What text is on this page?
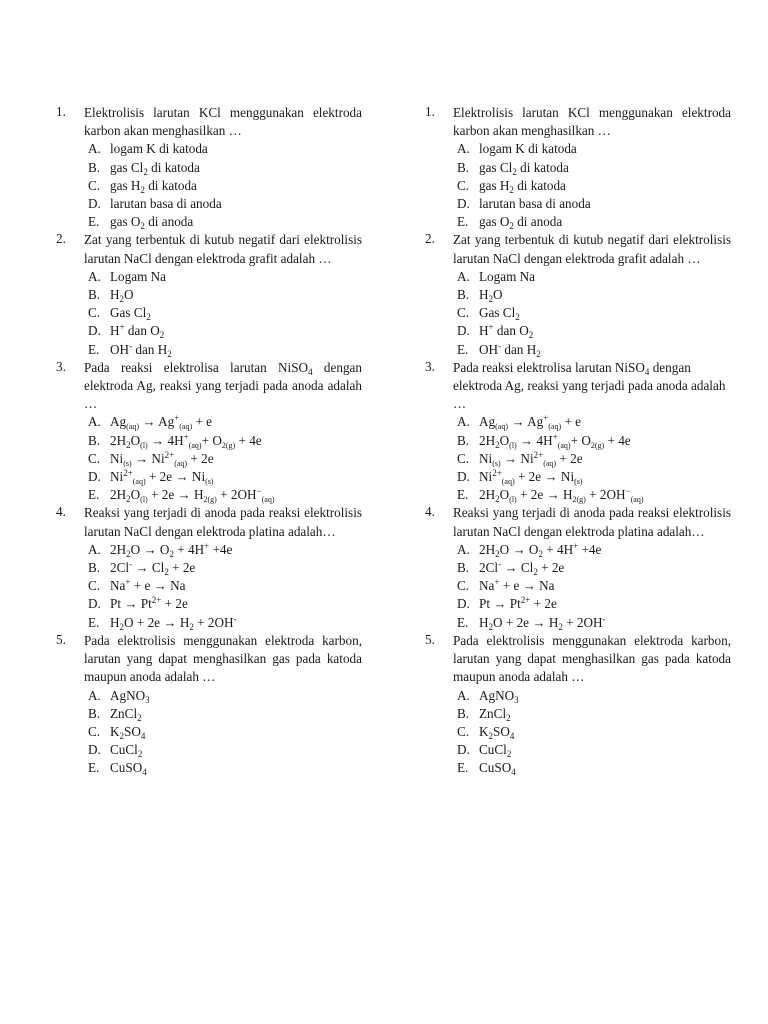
1.	Elektrolisis larutan KCl menggunakan elektroda karbon akan menghasilkan …
A. logam K di katoda
B. gas $Cl_2$ di katoda
C. gas $H_2$ di katoda
D. larutan basa di anoda
E. gas $O_2$ di anoda
2.	Zat yang terbentuk di kutub negatif dari elektrolisis larutan NaCl dengan elektroda grafit adalah …
A. Logam Na
B. $H_2O$
C. Gas $Cl_2$
D. H+ dan $O_2$
E. OH- dan $H_2$
3.	Pada reaksi elektrolisa larutan NiSO$_4$ dengan elektroda Ag, reaksi yang terjadi pada anoda adalah …
A. $Ag_{(aq)} \to Ag^+_{(aq)} + e$
B. $2H_2O_{(l)} \to 4H^+_{(aq)}+ O_{2(g)} + 4e$
C. $Ni_{(s)} \to Ni^{2+}_{(aq)} + 2e$
D. $Ni^{2+}_{(aq)} + 2e \to Ni_{(s)}$
E. $2H_2O_{(l)} + 2e \to H_{2(g)} + 2OH^-_{(aq)}$
4.	Reaksi yang terjadi di anoda pada reaksi elektrolisis larutan NaCl dengan elektroda platina adalah…
A. $2H_2O \to O_2 + 4H^+ +4e$
B. $2Cl^- \to Cl_2 + 2e$
C. Na+ + e → Na
D. $Pt \to Pt^{2+} + 2e$
E. $H_2O + 2e \to H_2 + 2OH^-$
5.	Pada elektrolisis menggunakan elektroda karbon, larutan yang dapat menghasilkan gas pada katoda maupun anoda adalah …
A. AgNO$_3$
B. ZnCl$_2$
C. $K_2SO_4$
D. CuCl$_2$
E. CuSO$_4$
1.	Elektrolisis larutan KCl menggunakan elektroda karbon akan menghasilkan …
A. logam K di katoda
B. gas $Cl_2$ di katoda
C. gas $H_2$ di katoda
D. larutan basa di anoda
E. gas $O_2$ di anoda
2.	Zat yang terbentuk di kutub negatif dari elektrolisis larutan NaCl dengan elektroda grafit adalah …
A. Logam Na
B. $H_2O$
C. Gas $Cl_2$
D. H+ dan $O_2$
E. OH- dan $H_2$
3.	Pada reaksi elektrolisa larutan NiSO$_4$ dengan elektroda Ag, reaksi yang terjadi pada anoda adalah …
A. $Ag_{(aq)} \to Ag^+_{(aq)} + e$
B. $2H_2O_{(l)} \to 4H^+_{(aq)}+ O_{2(g)} + 4e$
C. $Ni_{(s)} \to Ni^{2+}_{(aq)} + 2e$
D. $Ni^{2+}_{(aq)} + 2e \to Ni_{(s)}$
E. $2H_2O_{(l)} + 2e \to H_{2(g)} + 2OH^-_{(aq)}$
4.	Reaksi yang terjadi di anoda pada reaksi elektrolisis larutan NaCl dengan elektroda platina adalah…
A. $2H_2O \to O_2 + 4H^+ +4e$
B. $2Cl^- \to Cl_2 + 2e$
C. Na+ + e → Na
D. $Pt \to Pt^{2+} + 2e$
E. $H_2O + 2e \to H_2 + 2OH^-$
5.	Pada elektrolisis menggunakan elektroda karbon, larutan yang dapat menghasilkan gas pada katoda maupun anoda adalah …
A. AgNO$_3$
B. ZnCl$_2$
C. $K_2SO_4$
D. CuCl$_2$
E. CuSO$_4$
